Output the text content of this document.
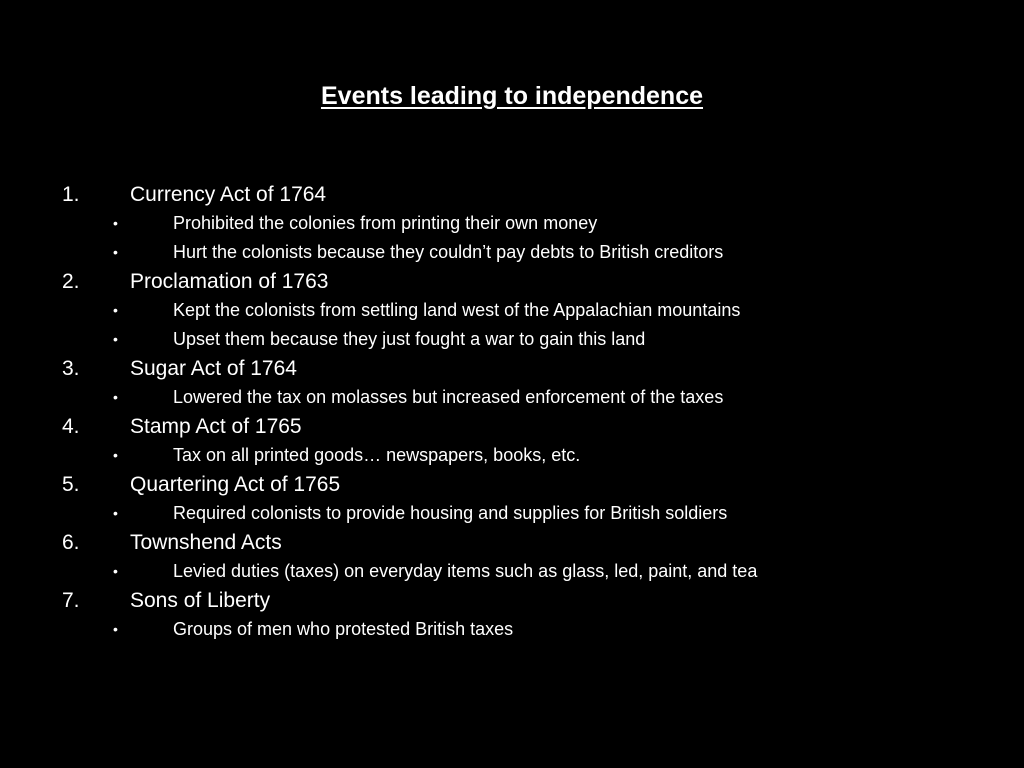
Events leading to independence
1. Currency Act of 1764
•	Prohibited the colonies from printing their own money
•	Hurt the colonists because they couldn’t pay debts to British creditors
2. Proclamation of 1763
•	Kept the colonists from settling land west of the Appalachian mountains
•	Upset them because they just fought a war to gain this land
3. Sugar Act of 1764
•	Lowered the tax on molasses but increased enforcement of the taxes
4. Stamp Act of 1765
•	Tax on all printed goods… newspapers, books, etc.
5. Quartering Act of 1765
•	Required colonists to provide housing and supplies for British soldiers
6. Townshend Acts
•	Levied duties (taxes) on everyday items such as glass, led, paint, and tea
7. Sons of Liberty
•	Groups of men who protested British taxes
